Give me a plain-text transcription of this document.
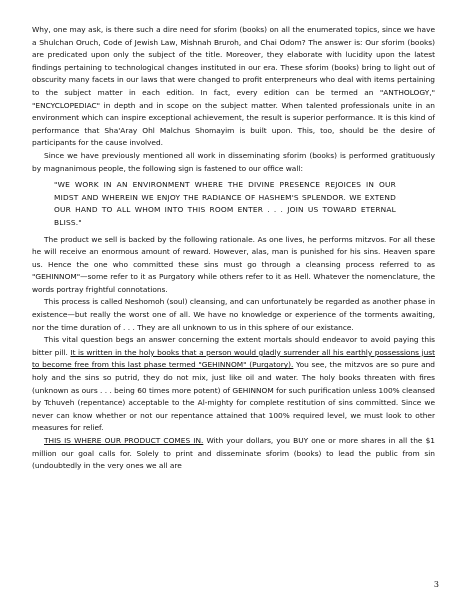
Why, one may ask, is there such a dire need for sforim (books) on all the enumerated topics, since we have a Shulchan Oruch, Code of Jewish Law, Mishnah Bruroh, and Chai Odom? The answer is: Our sforim (books) are predicated upon only the subject of the title. Moreover, they elaborate with lucidity upon the latest findings pertaining to technological changes instituted in our era. These sforim (books) bring to light out of obscurity many facets in our laws that were changed to profit enterpreneurs who deal with items pertaining to the subject matter in each edition. In fact, every edition can be termed an "ANTHOLOGY," "ENCYCLOPEDIAC" in depth and in scope on the subject matter. When talented professionals unite in an environment which can inspire exceptional achievement, the result is superior performance. It is this kind of performance that Sha'Aray Ohl Malchus Shomayim is built upon. This, too, should be the desire of participants for the cause involved.

Since we have previously mentioned all work in disseminating sforim (books) is performed gratituously by magnanimous people, the following sign is fastened to our office wall:

"WE WORK IN AN ENVIRONMENT WHERE THE DIVINE PRESENCE REJOICES IN OUR MIDST AND WHEREIN WE ENJOY THE RADIANCE OF HASHEM'S SPLENDOR. WE EXTEND OUR HAND TO ALL WHOM INTO THIS ROOM ENTER . . . JOIN US TOWARD ETERNAL BLISS."

The product we sell is backed by the following rationale. As one lives, he performs mitzvos. For all these he will receive an enormous amount of reward. However, alas, man is punished for his sins. Heaven spare us. Hence the one who committed these sins must go through a cleansing process referred to as "GEHINNOM"—some refer to it as Purgatory while others refer to it as Hell. Whatever the nomenclature, the words portray frightful connotations.

This process is called Neshomoh (soul) cleansing, and can unfortunately be regarded as another phase in existence—but really the worst one of all. We have no knowledge or experience of the torments awaiting, nor the time duration of . . . They are all unknown to us in this sphere of our existance.

This vital question begs an answer concerning the extent mortals should endeavor to avoid paying this bitter pill. It is written in the holy books that a person would gladly surrender all his earthly possessions just to become free from this last phase termed "GEHINNOM" (Purgatory). You see, the mitzvos are so pure and holy and the sins so putrid, they do not mix, just like oil and water. The holy books threaten with fires (unknown as ours . . . being 60 times more potent) of GEHINNOM for such purification unless 100% cleansed by Tchuveh (repentance) acceptable to the Al-mighty for complete restitution of sins committed. Since we never can know whether or not our repentance attained that 100% required level, we must look to other measures for relief.

THIS IS WHERE OUR PRODUCT COMES IN. With your dollars, you BUY one or more shares in all the $1 million our goal calls for. Solely to print and disseminate sforim (books) to lead the public from sin (undoubtedly in the very ones we all are

3
